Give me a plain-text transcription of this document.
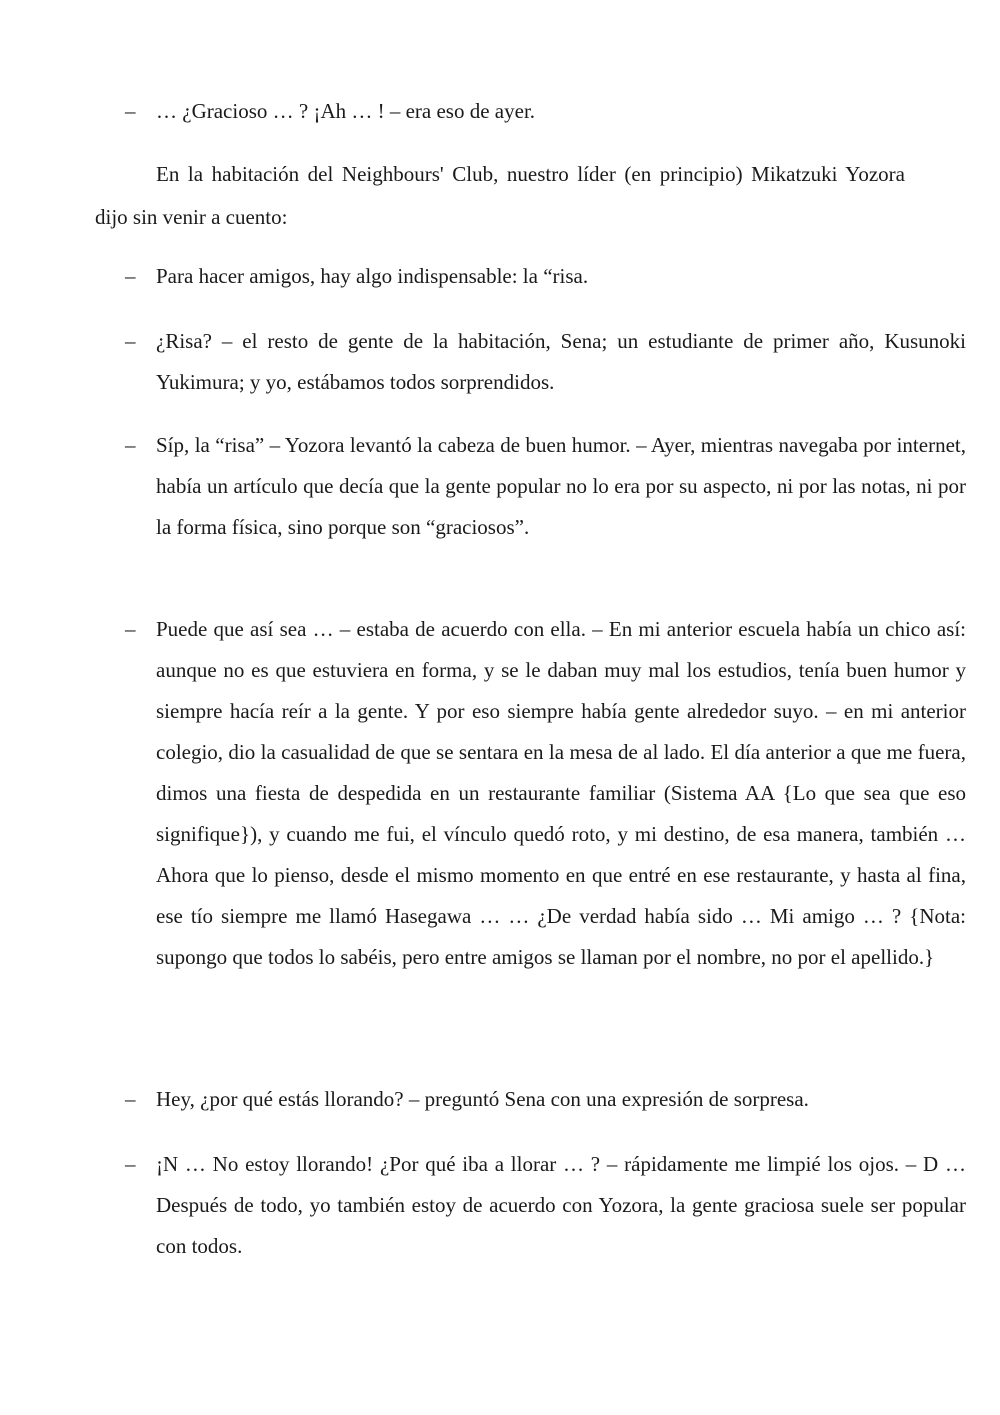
– … ¿Gracioso … ? ¡Ah … ! – era eso de ayer.

En la habitación del Neighbours' Club, nuestro líder (en principio) Mikatzuki Yozora dijo sin venir a cuento:

– Para hacer amigos, hay algo indispensable: la “risa.

– ¿Risa? – el resto de gente de la habitación, Sena; un estudiante de primer año, Kusunoki Yukimura; y yo, estábamos todos sorprendidos.

– Síp, la “risa” – Yozora levantó la cabeza de buen humor. – Ayer, mientras navegaba por internet, había un artículo que decía que la gente popular no lo era por su aspecto, ni por las notas, ni por la forma física, sino porque son “graciosos”.

– Puede que así sea … – estaba de acuerdo con ella. – En mi anterior escuela había un chico así: aunque no es que estuviera en forma, y se le daban muy mal los estudios, tenía buen humor y siempre hacía reír a la gente. Y por eso siempre había gente alrededor suyo. – en mi anterior colegio, dio la casualidad de que se sentara en la mesa de al lado. El día anterior a que me fuera, dimos una fiesta de despedida en un restaurante familiar (Sistema AA {Lo que sea que eso signifique}), y cuando me fui, el vínculo quedó roto, y mi destino, de esa manera, también … Ahora que lo pienso, desde el mismo momento en que entré en ese restaurante, y hasta al fina, ese tío siempre me llamó Hasegawa … … ¿De verdad había sido … Mi amigo … ? {Nota: supongo que todos lo sabéis, pero entre amigos se llaman por el nombre, no por el apellido.}

– Hey, ¿por qué estás llorando? – preguntó Sena con una expresión de sorpresa.

– ¡N … No estoy llorando! ¿Por qué iba a llorar … ? – rápidamente me limpié los ojos. – D … Después de todo, yo también estoy de acuerdo con Yozora, la gente graciosa suele ser popular con todos.
